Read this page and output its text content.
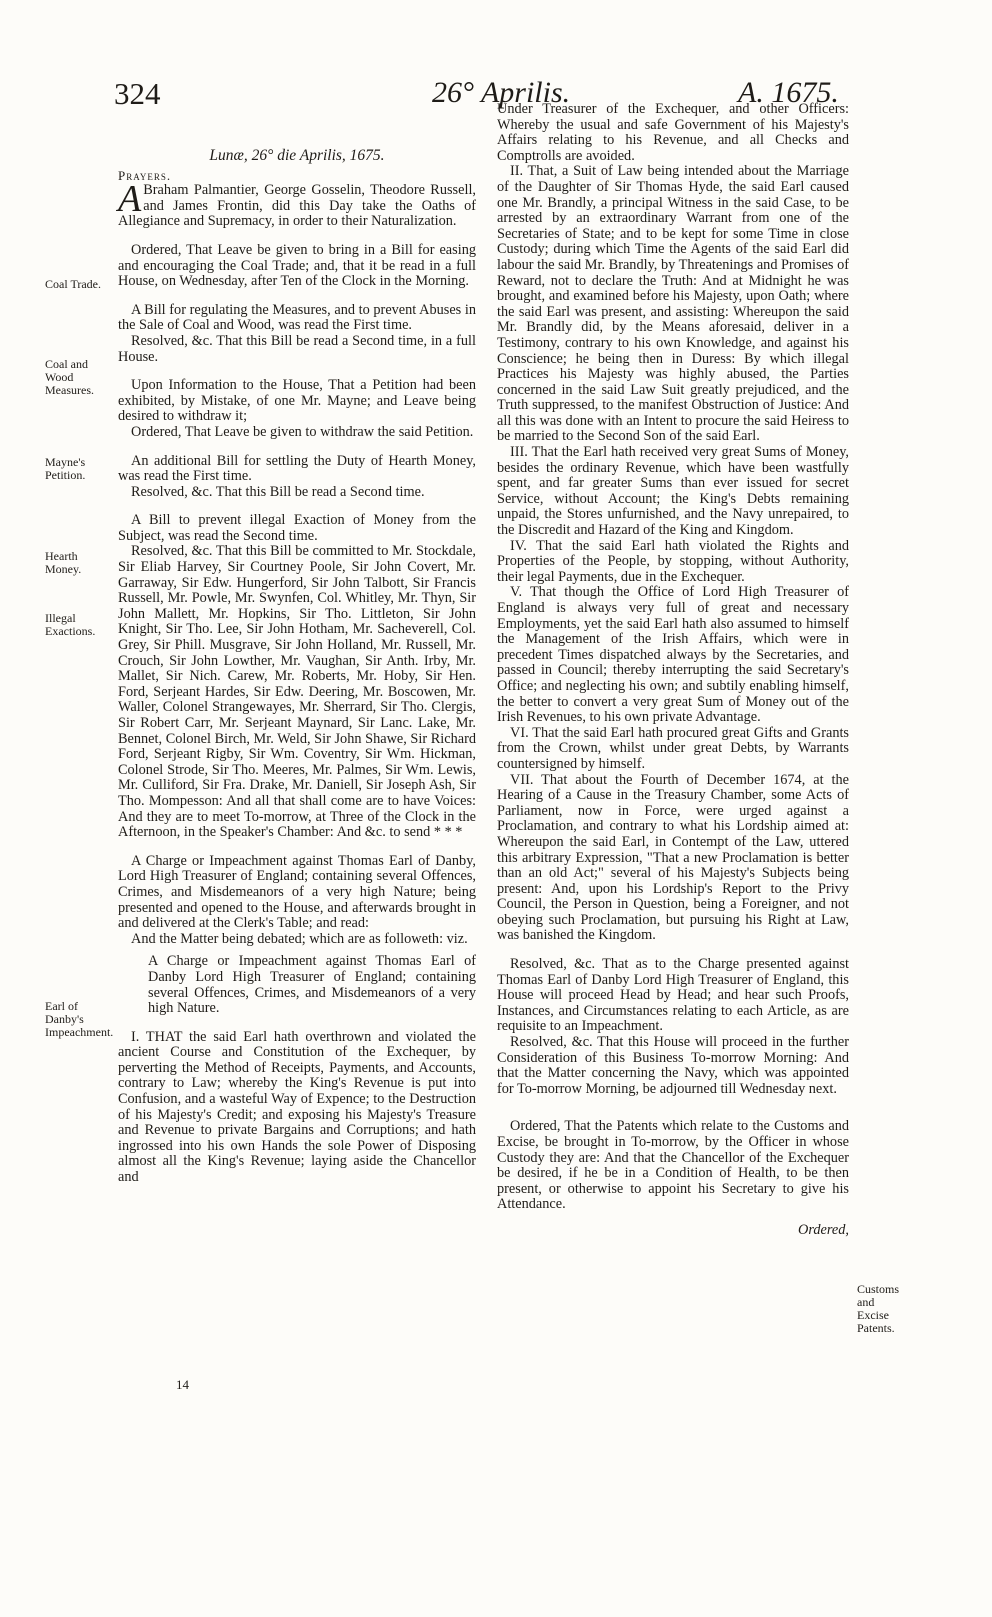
324	26° Aprilis.	A. 1675.
Coal Trade.
Coal and Wood Measures.
Mayne's Petition.
Hearth Money.
Illegal Exactions.
Earl of Danby's Impeachment.
Customs and Excise Patents.

Lunæ, 26° die Aprilis, 1675.

Prayers.

A Braham Palmantier, George Gosselin, Theodore Russell, and James Frontin, did this Day take the Oaths of Allegiance and Supremacy, in order to their Naturalization.

Ordered, That Leave be given to bring in a Bill for easing and encouraging the Coal Trade; and, that it be read in a full House, on Wednesday, after Ten of the Clock in the Morning.

A Bill for regulating the Measures, and to prevent Abuses in the Sale of Coal and Wood, was read the First time.

Resolved, &c. That this Bill be read a Second time, in a full House.

Upon Information to the House, That a Petition had been exhibited, by Mistake, of one Mr. Mayne; and Leave being desired to withdraw it;

Ordered, That Leave be given to withdraw the said Petition.

An additional Bill for settling the Duty of Hearth Money, was read the First time.

Resolved, &c. That this Bill be read a Second time.

A Bill to prevent illegal Exaction of Money from the Subject, was read the Second time.

Resolved, &c. That this Bill be committed to Mr. Stockdale, Sir Eliab Harvey, Sir Courtney Poole, Sir John Covert, Mr. Garraway, Sir Edw. Hungerford, Sir John Talbott, Sir Francis Russell, Mr. Powle, Mr. Swynfen, Col. Whitley, Mr. Thyn, Sir John Mallett, Mr. Hopkins, Sir Tho. Littleton, Sir John Knight, Sir Tho. Lee, Sir John Hotham, Mr. Sacheverell, Col. Grey, Sir Phill. Musgrave, Sir John Holland, Mr. Russell, Mr. Crouch, Sir John Lowther, Mr. Vaughan, Sir Anth. Irby, Mr. Mallet, Sir Nich. Carew, Mr. Roberts, Mr. Hoby, Sir Hen. Ford, Serjeant Hardes, Sir Edw. Deering, Mr. Boscowen, Mr. Waller, Colonel Strangewayes, Mr. Sherrard, Sir Tho. Clergis, Sir Robert Carr, Mr. Serjeant Maynard, Sir Lanc. Lake, Mr. Bennet, Colonel Birch, Mr. Weld, Sir John Shawe, Sir Richard Ford, Serjeant Rigby, Sir Wm. Coventry, Sir Wm. Hickman, Colonel Strode, Sir Tho. Meeres, Mr. Palmes, Sir Wm. Lewis, Mr. Culliford, Sir Fra. Drake, Mr. Daniell, Sir Joseph Ash, Sir Tho. Mompesson: And all that shall come are to have Voices: And they are to meet To-morrow, at Three of the Clock in the Afternoon, in the Speaker's Chamber: And &c. to send * * *

A Charge or Impeachment against Thomas Earl of Danby, Lord High Treasurer of England; containing several Offences, Crimes, and Misdemeanors of a very high Nature; being presented and opened to the House, and afterwards brought in and delivered at the Clerk's Table; and read:

And the Matter being debated; which are as followeth: viz.

A Charge or Impeachment against Thomas Earl of Danby Lord High Treasurer of England; containing several Offences, Crimes, and Misdemeanors of a very high Nature.

I. THAT the said Earl hath overthrown and violated the ancient Course and Constitution of the Exchequer, by perverting the Method of Receipts, Payments, and Accounts, contrary to Law; whereby the King's Revenue is put into Confusion, and a wasteful Way of Expence; to the Destruction of his Majesty's Credit; and exposing his Majesty's Treasure and Revenue to private Bargains and Corruptions; and hath ingrossed into his own Hands the sole Power of Disposing almost all the King's Revenue; laying aside the Chancellor and

14

Under Treasurer of the Exchequer, and other Officers: Whereby the usual and safe Government of his Majesty's Affairs relating to his Revenue, and all Checks and Comptrolls are avoided.

II. That, a Suit of Law being intended about the Marriage of the Daughter of Sir Thomas Hyde, the said Earl caused one Mr. Brandly, a principal Witness in the said Case, to be arrested by an extraordinary Warrant from one of the Secretaries of State; and to be kept for some Time in close Custody; during which Time the Agents of the said Earl did labour the said Mr. Brandly, by Threatenings and Promises of Reward, not to declare the Truth: And at Midnight he was brought, and examined before his Majesty, upon Oath; where the said Earl was present, and assisting: Whereupon the said Mr. Brandly did, by the Means aforesaid, deliver in a Testimony, contrary to his own Knowledge, and against his Conscience; he being then in Duress: By which illegal Practices his Majesty was highly abused, the Parties concerned in the said Law Suit greatly prejudiced, and the Truth suppressed, to the manifest Obstruction of Justice: And all this was done with an Intent to procure the said Heiress to be married to the Second Son of the said Earl.

III. That the Earl hath received very great Sums of Money, besides the ordinary Revenue, which have been wastfully spent, and far greater Sums than ever issued for secret Service, without Account; the King's Debts remaining unpaid, the Stores unfurnished, and the Navy unrepaired, to the Discredit and Hazard of the King and Kingdom.

IV. That the said Earl hath violated the Rights and Properties of the People, by stopping, without Authority, their legal Payments, due in the Exchequer.

V. That though the Office of Lord High Treasurer of England is always very full of great and necessary Employments, yet the said Earl hath also assumed to himself the Management of the Irish Affairs, which were in precedent Times dispatched always by the Secretaries, and passed in Council; thereby interrupting the said Secretary's Office; and neglecting his own; and subtily enabling himself, the better to convert a very great Sum of Money out of the Irish Revenues, to his own private Advantage.

VI. That the said Earl hath procured great Gifts and Grants from the Crown, whilst under great Debts, by Warrants countersigned by himself.

VII. That about the Fourth of December 1674, at the Hearing of a Cause in the Treasury Chamber, some Acts of Parliament, now in Force, were urged against a Proclamation, and contrary to what his Lordship aimed at: Whereupon the said Earl, in Contempt of the Law, uttered this arbitrary Expression, "That a new Proclamation is better than an old Act;" several of his Majesty's Subjects being present: And, upon his Lordship's Report to the Privy Council, the Person in Question, being a Foreigner, and not obeying such Proclamation, but pursuing his Right at Law, was banished the Kingdom.

Resolved, &c. That as to the Charge presented against Thomas Earl of Danby Lord High Treasurer of England, this House will proceed Head by Head; and hear such Proofs, Instances, and Circumstances relating to each Article, as are requisite to an Impeachment.

Resolved, &c. That this House will proceed in the further Consideration of this Business To-morrow Morning: And that the Matter concerning the Navy, which was appointed for To-morrow Morning, be adjourned till Wednesday next.

Ordered, That the Patents which relate to the Customs and Excise, be brought in To-morrow, by the Officer in whose Custody they are: And that the Chancellor of the Exchequer be desired, if he be in a Condition of Health, to be then present, or otherwise to appoint his Secretary to give his Attendance.

Ordered,
